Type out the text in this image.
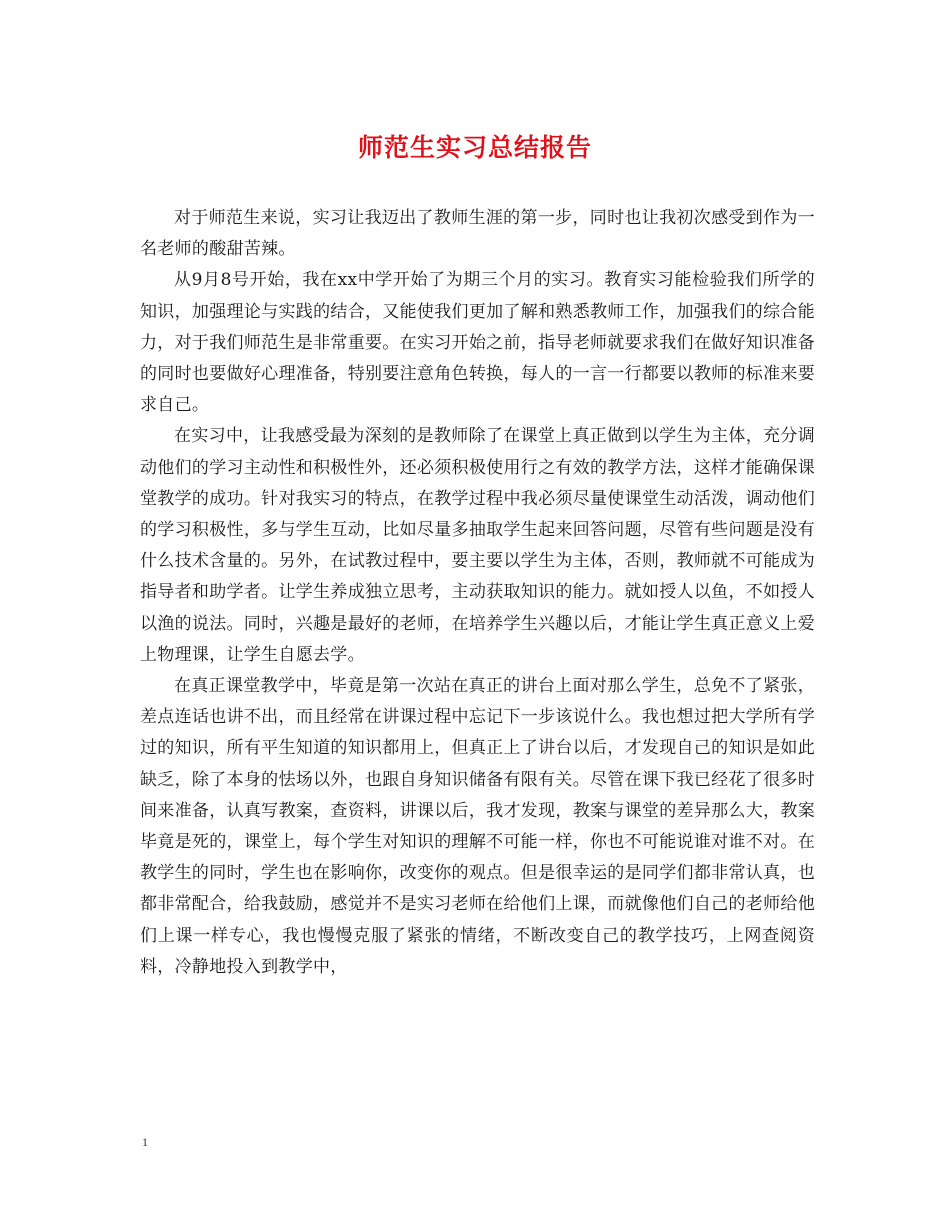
师范生实习总结报告

对于师范生来说，实习让我迈出了教师生涯的第一步，同时也让我初次感受到作为一名老师的酸甜苦辣。

从9月8号开始，我在xx中学开始了为期三个月的实习。教育实习能检验我们所学的知识，加强理论与实践的结合，又能使我们更加了解和熟悉教师工作，加强我们的综合能力，对于我们师范生是非常重要。在实习开始之前，指导老师就要求我们在做好知识准备的同时也要做好心理准备，特别要注意角色转换，每人的一言一行都要以教师的标准来要求自己。

在实习中，让我感受最为深刻的是教师除了在课堂上真正做到以学生为主体，充分调动他们的学习主动性和积极性外，还必须积极使用行之有效的教学方法，这样才能确保课堂教学的成功。针对我实习的特点，在教学过程中我必须尽量使课堂生动活泼，调动他们的学习积极性，多与学生互动，比如尽量多抽取学生起来回答问题，尽管有些问题是没有什么技术含量的。另外，在试教过程中，要主要以学生为主体，否则，教师就不可能成为指导者和助学者。让学生养成独立思考，主动获取知识的能力。就如授人以鱼，不如授人以渔的说法。同时，兴趣是最好的老师，在培养学生兴趣以后，才能让学生真正意义上爱上物理课，让学生自愿去学。

在真正课堂教学中，毕竟是第一次站在真正的讲台上面对那么学生，总免不了紧张，差点连话也讲不出，而且经常在讲课过程中忘记下一步该说什么。我也想过把大学所有学过的知识，所有平生知道的知识都用上，但真正上了讲台以后，才发现自己的知识是如此缺乏，除了本身的怯场以外，也跟自身知识储备有限有关。尽管在课下我已经花了很多时间来准备，认真写教案，查资料，讲课以后，我才发现，教案与课堂的差异那么大，教案毕竟是死的，课堂上，每个学生对知识的理解不可能一样，你也不可能说谁对谁不对。在教学生的同时，学生也在影响你，改变你的观点。但是很幸运的是同学们都非常认真，也都非常配合，给我鼓励，感觉并不是实习老师在给他们上课，而就像他们自己的老师给他们上课一样专心，我也慢慢克服了紧张的情绪，不断改变自己的教学技巧，上网查阅资料，冷静地投入到教学中，

1
